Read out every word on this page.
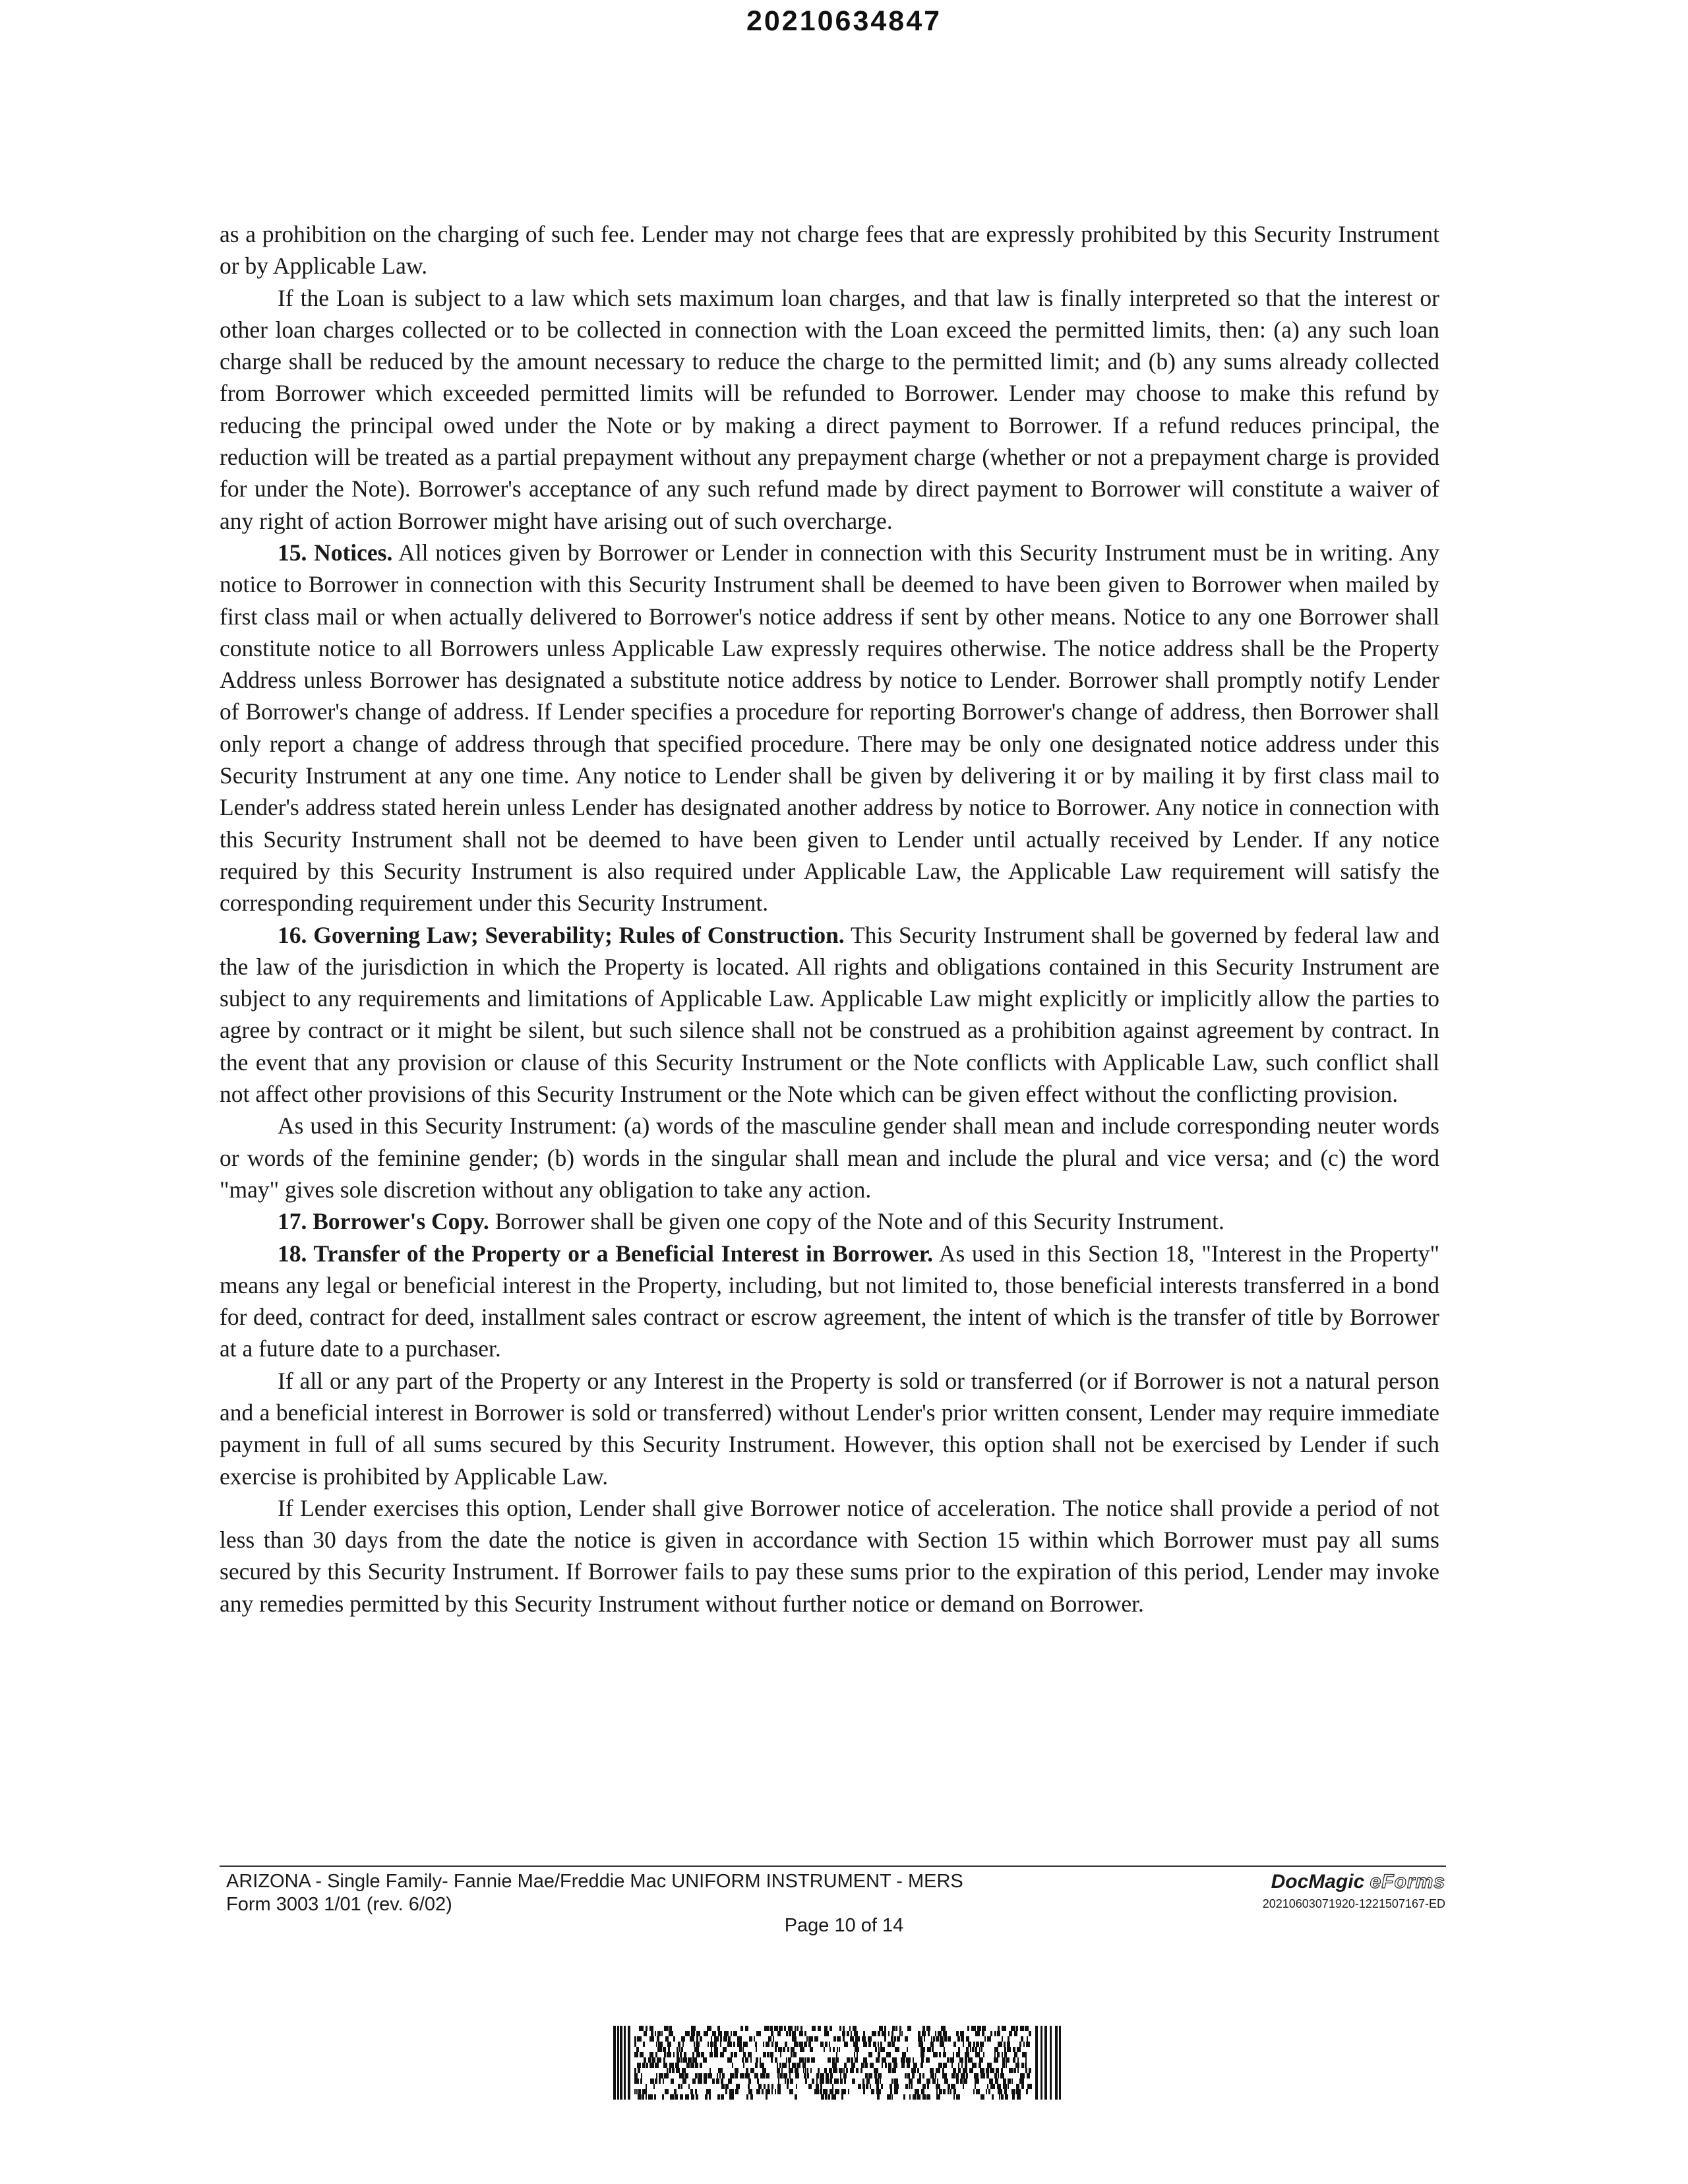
20210634847

as a prohibition on the charging of such fee. Lender may not charge fees that are expressly prohibited by this Security Instrument or by Applicable Law.

If the Loan is subject to a law which sets maximum loan charges, and that law is finally interpreted so that the interest or other loan charges collected or to be collected in connection with the Loan exceed the permitted limits, then: (a) any such loan charge shall be reduced by the amount necessary to reduce the charge to the permitted limit; and (b) any sums already collected from Borrower which exceeded permitted limits will be refunded to Borrower. Lender may choose to make this refund by reducing the principal owed under the Note or by making a direct payment to Borrower. If a refund reduces principal, the reduction will be treated as a partial prepayment without any prepayment charge (whether or not a prepayment charge is provided for under the Note). Borrower's acceptance of any such refund made by direct payment to Borrower will constitute a waiver of any right of action Borrower might have arising out of such overcharge.

15. Notices. All notices given by Borrower or Lender in connection with this Security Instrument must be in writing. Any notice to Borrower in connection with this Security Instrument shall be deemed to have been given to Borrower when mailed by first class mail or when actually delivered to Borrower's notice address if sent by other means. Notice to any one Borrower shall constitute notice to all Borrowers unless Applicable Law expressly requires otherwise. The notice address shall be the Property Address unless Borrower has designated a substitute notice address by notice to Lender. Borrower shall promptly notify Lender of Borrower's change of address. If Lender specifies a procedure for reporting Borrower's change of address, then Borrower shall only report a change of address through that specified procedure. There may be only one designated notice address under this Security Instrument at any one time. Any notice to Lender shall be given by delivering it or by mailing it by first class mail to Lender's address stated herein unless Lender has designated another address by notice to Borrower. Any notice in connection with this Security Instrument shall not be deemed to have been given to Lender until actually received by Lender. If any notice required by this Security Instrument is also required under Applicable Law, the Applicable Law requirement will satisfy the corresponding requirement under this Security Instrument.

16. Governing Law; Severability; Rules of Construction. This Security Instrument shall be governed by federal law and the law of the jurisdiction in which the Property is located. All rights and obligations contained in this Security Instrument are subject to any requirements and limitations of Applicable Law. Applicable Law might explicitly or implicitly allow the parties to agree by contract or it might be silent, but such silence shall not be construed as a prohibition against agreement by contract. In the event that any provision or clause of this Security Instrument or the Note conflicts with Applicable Law, such conflict shall not affect other provisions of this Security Instrument or the Note which can be given effect without the conflicting provision.

As used in this Security Instrument: (a) words of the masculine gender shall mean and include corresponding neuter words or words of the feminine gender; (b) words in the singular shall mean and include the plural and vice versa; and (c) the word "may" gives sole discretion without any obligation to take any action.

17. Borrower's Copy. Borrower shall be given one copy of the Note and of this Security Instrument.

18. Transfer of the Property or a Beneficial Interest in Borrower. As used in this Section 18, "Interest in the Property" means any legal or beneficial interest in the Property, including, but not limited to, those beneficial interests transferred in a bond for deed, contract for deed, installment sales contract or escrow agreement, the intent of which is the transfer of title by Borrower at a future date to a purchaser.

If all or any part of the Property or any Interest in the Property is sold or transferred (or if Borrower is not a natural person and a beneficial interest in Borrower is sold or transferred) without Lender's prior written consent, Lender may require immediate payment in full of all sums secured by this Security Instrument. However, this option shall not be exercised by Lender if such exercise is prohibited by Applicable Law.

If Lender exercises this option, Lender shall give Borrower notice of acceleration. The notice shall provide a period of not less than 30 days from the date the notice is given in accordance with Section 15 within which Borrower must pay all sums secured by this Security Instrument. If Borrower fails to pay these sums prior to the expiration of this period, Lender may invoke any remedies permitted by this Security Instrument without further notice or demand on Borrower.

ARIZONA - Single Family- Fannie Mae/Freddie Mac UNIFORM INSTRUMENT - MERS
Form 3003 1/01 (rev. 6/02)
Page 10 of 14
DocMagic eForms
20210603071920-1221507167-ED
